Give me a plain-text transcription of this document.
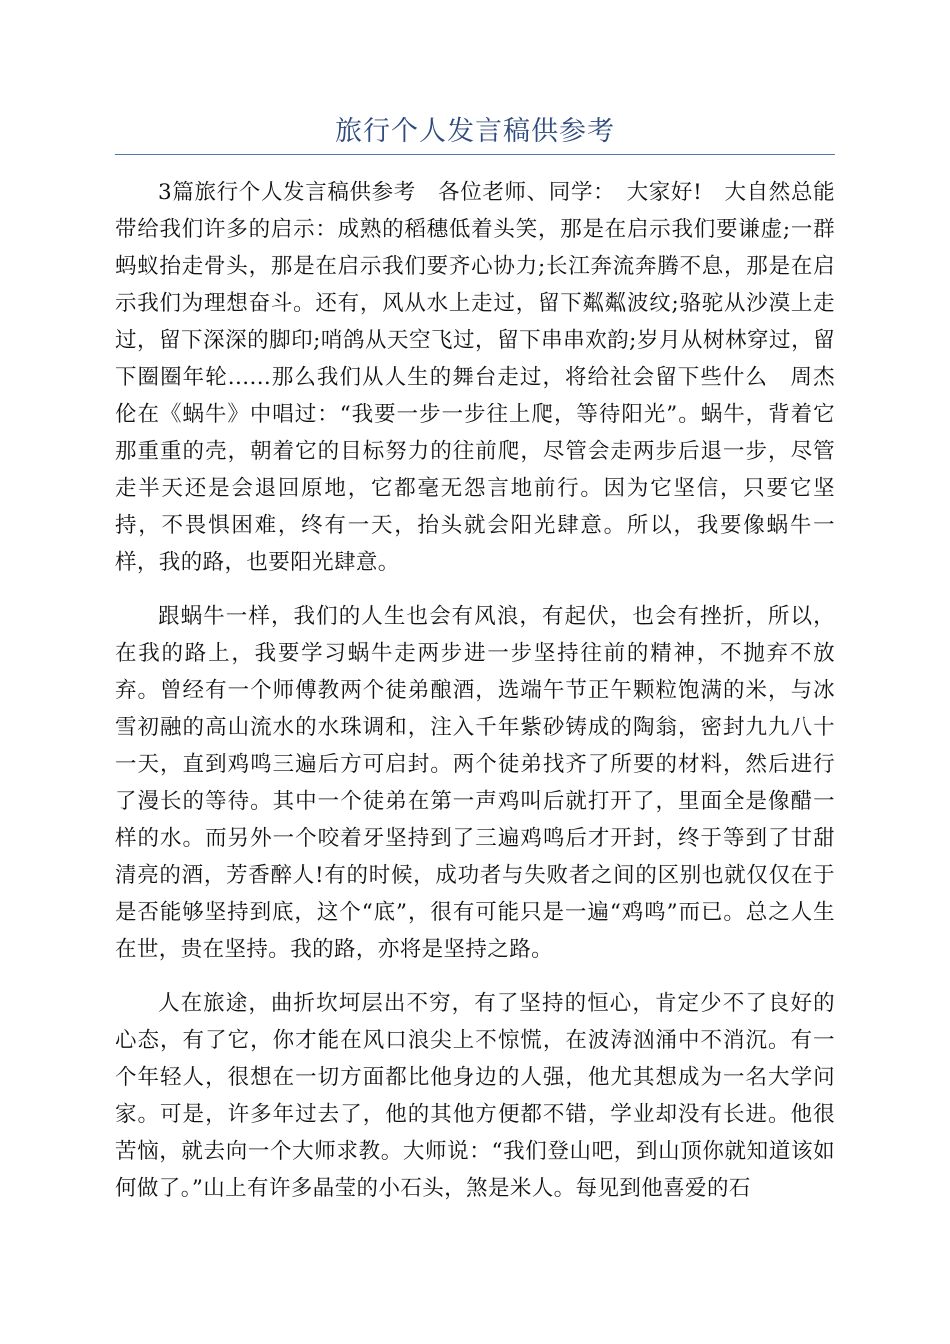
旅行个人发言稿供参考

3篇旅行个人发言稿供参考　各位老师、同学：　大家好!　大自然总能带给我们许多的启示：成熟的稻穗低着头笑，那是在启示我们要谦虚;一群蚂蚁抬走骨头，那是在启示我们要齐心协力;长江奔流奔腾不息，那是在启示我们为理想奋斗。还有，风从水上走过，留下粼粼波纹;骆驼从沙漠上走过，留下深深的脚印;哨鸽从天空飞过，留下串串欢韵;岁月从树林穿过，留下圈圈年轮......那么我们从人生的舞台走过，将给社会留下些什么　周杰伦在《蜗牛》中唱过：“我要一步一步往上爬，等待阳光”。蜗牛，背着它那重重的壳，朝着它的目标努力的往前爬，尽管会走两步后退一步，尽管走半天还是会退回原地，它都毫无怨言地前行。因为它坚信，只要它坚持，不畏惧困难，终有一天，抬头就会阳光肆意。所以，我要像蜗牛一样，我的路，也要阳光肆意。

跟蜗牛一样，我们的人生也会有风浪，有起伏，也会有挫折，所以，在我的路上，我要学习蜗牛走两步进一步坚持往前的精神，不抛弃不放弃。曾经有一个师傅教两个徒弟酿酒，选端午节正午颗粒饱满的米，与冰雪初融的高山流水的水珠调和，注入千年紫砂铸成的陶翁，密封九九八十一天，直到鸡鸣三遍后方可启封。两个徒弟找齐了所要的材料，然后进行了漫长的等待。其中一个徒弟在第一声鸡叫后就打开了，里面全是像醋一样的水。而另外一个咬着牙坚持到了三遍鸡鸣后才开封，终于等到了甘甜清亮的酒，芳香醉人!有的时候，成功者与失败者之间的区别也就仅仅在于是否能够坚持到底，这个“底”，很有可能只是一遍“鸡鸣”而已。总之人生在世，贵在坚持。我的路，亦将是坚持之路。

人在旅途，曲折坎坷层出不穷，有了坚持的恒心，肯定少不了良好的心态，有了它，你才能在风口浪尖上不惊慌，在波涛汹涌中不消沉。有一个年轻人，很想在一切方面都比他身边的人强，他尤其想成为一名大学问家。可是，许多年过去了，他的其他方便都不错，学业却没有长进。他很苦恼，就去向一个大师求教。大师说：“我们登山吧，到山顶你就知道该如何做了。”山上有许多晶莹的小石头，煞是米人。每见到他喜爱的石
